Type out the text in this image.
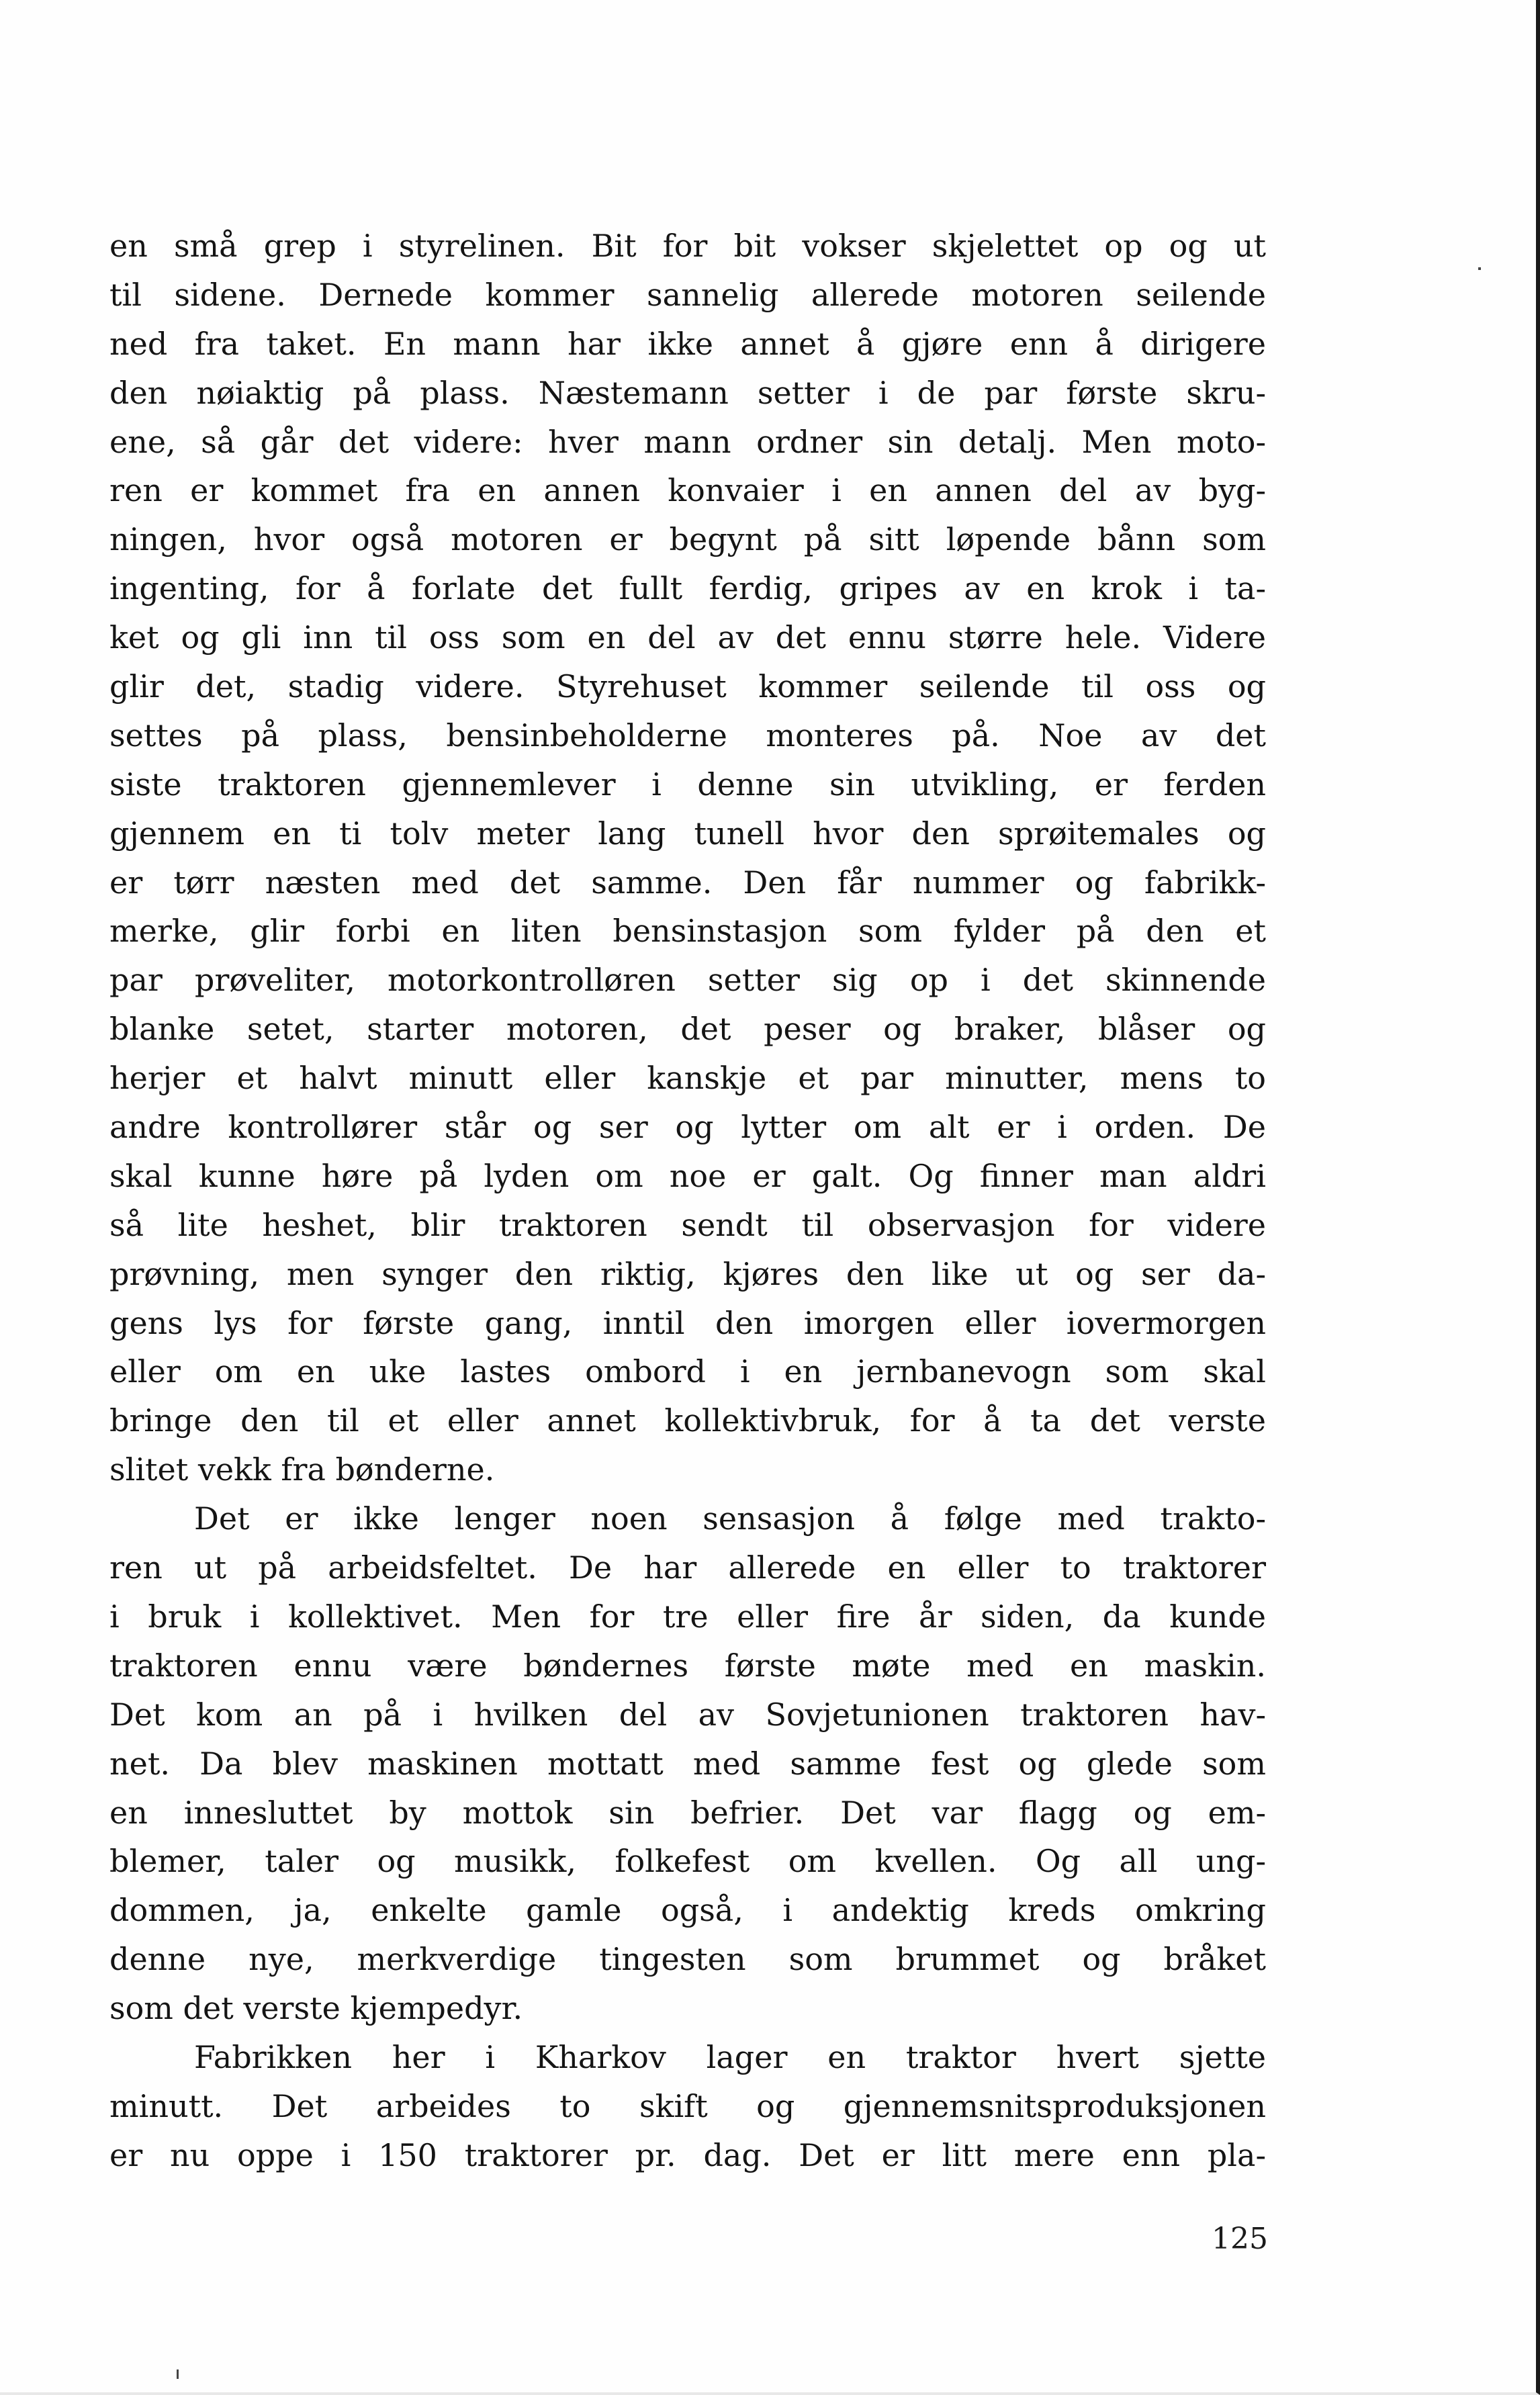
en små grep i styrelinen. Bit for bit vokser skjelettet op og ut
til sidene. Dernede kommer sannelig allerede motoren seilende
ned fra taket. En mann har ikke annet å gjøre enn å dirigere
den nøiaktig på plass. Næstemann setter i de par første skru-
ene, så går det videre: hver mann ordner sin detalj. Men moto-
ren er kommet fra en annen konvaier i en annen del av byg-
ningen, hvor også motoren er begynt på sitt løpende bånn som
ingenting, for å forlate det fullt ferdig, gripes av en krok i ta-
ket og gli inn til oss som en del av det ennu større hele. Videre
glir det, stadig videre. Styrehuset kommer seilende til oss og
settes på plass, bensinbeholderne monteres på. Noe av det
siste traktoren gjennemlever i denne sin utvikling, er ferden
gjennem en ti tolv meter lang tunell hvor den sprøitemales og
er tørr næsten med det samme. Den får nummer og fabrikk-
merke, glir forbi en liten bensinstasjon som fylder på den et
par prøveliter, motorkontrolløren setter sig op i det skinnende
blanke setet, starter motoren, det peser og braker, blåser og
herjer et halvt minutt eller kanskje et par minutter, mens to
andre kontrollører står og ser og lytter om alt er i orden. De
skal kunne høre på lyden om noe er galt. Og finner man aldri
så lite heshet, blir traktoren sendt til observasjon for videre
prøvning, men synger den riktig, kjøres den like ut og ser da-
gens lys for første gang, inntil den imorgen eller iovermorgen
eller om en uke lastes ombord i en jernbanevogn som skal
bringe den til et eller annet kollektivbruk, for å ta det verste
slitet vekk fra bønderne.
Det er ikke lenger noen sensasjon å følge med trakto-
ren ut på arbeidsfeltet. De har allerede en eller to traktorer
i bruk i kollektivet. Men for tre eller fire år siden, da kunde
traktoren ennu være bøndernes første møte med en maskin.
Det kom an på i hvilken del av Sovjetunionen traktoren hav-
net. Da blev maskinen mottatt med samme fest og glede som
en innesluttet by mottok sin befrier. Det var flagg og em-
blemer, taler og musikk, folkefest om kvellen. Og all ung-
dommen, ja, enkelte gamle også, i andektig kreds omkring
denne nye, merkverdige tingesten som brummet og bråket
som det verste kjempedyr.
Fabrikken her i Kharkov lager en traktor hvert sjette
minutt. Det arbeides to skift og gjennemsnitsproduksjonen
er nu oppe i 150 traktorer pr. dag. Det er litt mere enn pla-
125
